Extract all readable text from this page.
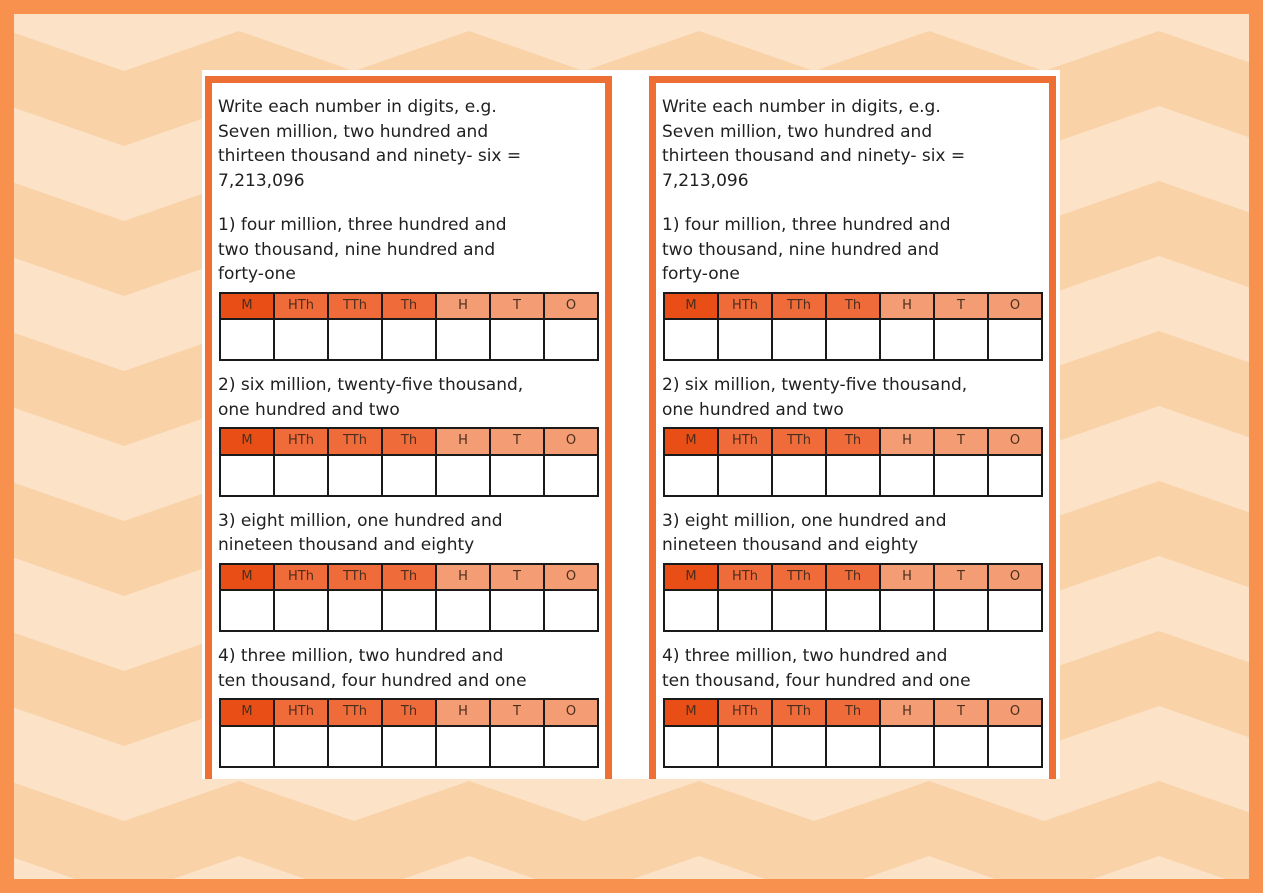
Write each number in digits, e.g.
Seven million, two hundred and
thirteen thousand and ninety- six =
7,213,096
1) four million, three hundred and
two thousand, nine hundred and
forty-one
M	HTh	TTh	Th	H	T	O

2) six million, twenty-five thousand,
one hundred and two
M	HTh	TTh	Th	H	T	O

3) eight million, one hundred and
nineteen thousand and eighty
M	HTh	TTh	Th	H	T	O

4) three million, two hundred and
ten thousand, four hundred and one
M	HTh	TTh	Th	H	T	O

Write each number in digits, e.g.
Seven million, two hundred and
thirteen thousand and ninety- six =
7,213,096
1) four million, three hundred and
two thousand, nine hundred and
forty-one
M	HTh	TTh	Th	H	T	O

2) six million, twenty-five thousand,
one hundred and two
M	HTh	TTh	Th	H	T	O

3) eight million, one hundred and
nineteen thousand and eighty
M	HTh	TTh	Th	H	T	O

4) three million, two hundred and
ten thousand, four hundred and one
M	HTh	TTh	Th	H	T	O
